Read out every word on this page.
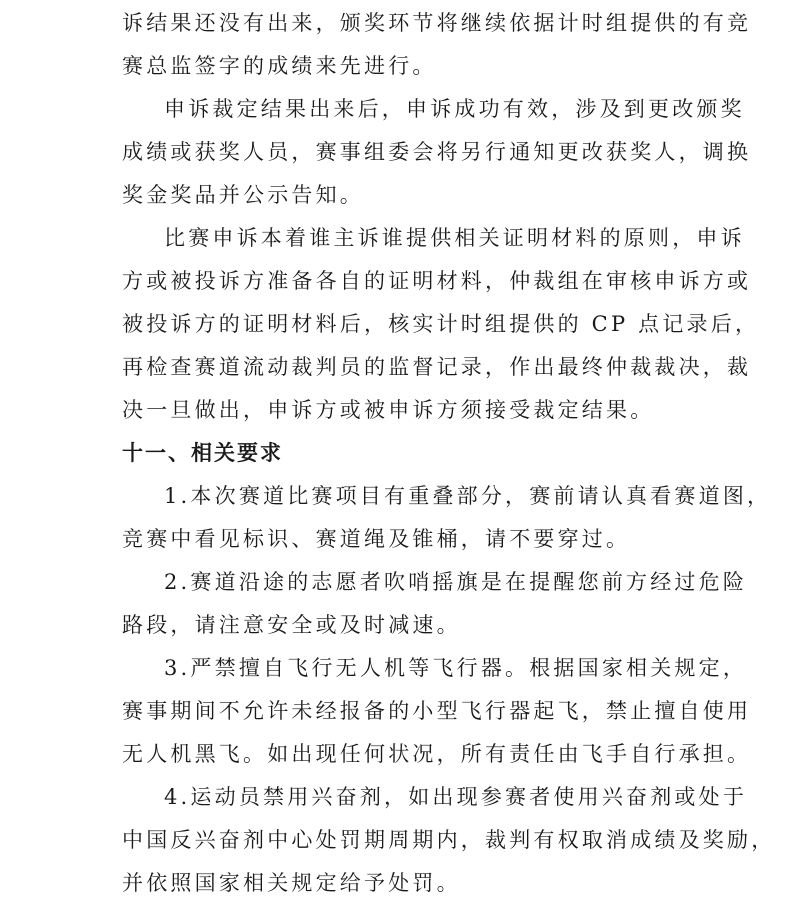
诉结果还没有出来，颁奖环节将继续依据计时组提供的有竞
赛总监签字的成绩来先进行。
申诉裁定结果出来后，申诉成功有效，涉及到更改颁奖
成绩或获奖人员，赛事组委会将另行通知更改获奖人，调换
奖金奖品并公示告知。
比赛申诉本着谁主诉谁提供相关证明材料的原则，申诉
方或被投诉方准备各自的证明材料，仲裁组在审核申诉方或
被投诉方的证明材料后，核实计时组提供的 CP 点记录后，
再检查赛道流动裁判员的监督记录，作出最终仲裁裁决，裁
决一旦做出，申诉方或被申诉方须接受裁定结果。
十一、相关要求
1.本次赛道比赛项目有重叠部分，赛前请认真看赛道图，
竞赛中看见标识、赛道绳及锥桶，请不要穿过。
2.赛道沿途的志愿者吹哨摇旗是在提醒您前方经过危险
路段，请注意安全或及时减速。
3.严禁擅自飞行无人机等飞行器。根据国家相关规定，
赛事期间不允许未经报备的小型飞行器起飞，禁止擅自使用
无人机黑飞。如出现任何状况，所有责任由飞手自行承担。
4.运动员禁用兴奋剂，如出现参赛者使用兴奋剂或处于
中国反兴奋剂中心处罚期周期内，裁判有权取消成绩及奖励，
并依照国家相关规定给予处罚。
